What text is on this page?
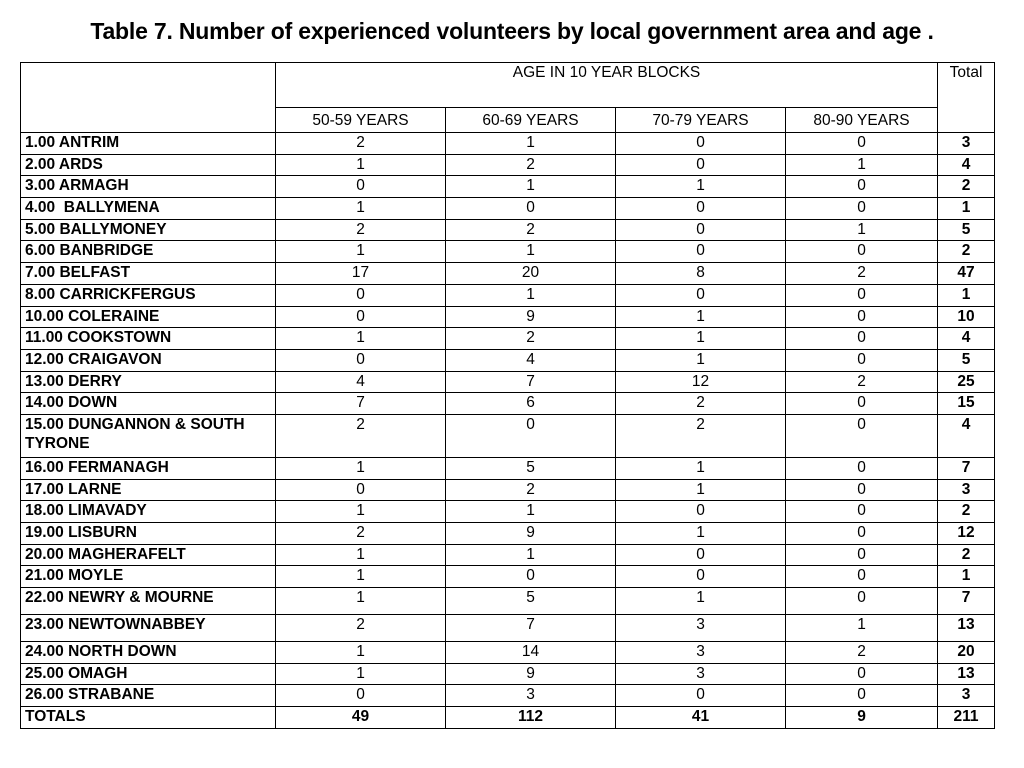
Table 7. Number of experienced volunteers by local government area and age .
	AGE IN 10 YEAR BLOCKS				Total
	50-59 YEARS	60-69 YEARS	70-79 YEARS	80-90 YEARS	
1.00 ANTRIM	2	1	0	0	3
2.00 ARDS	1	2	0	1	4
3.00 ARMAGH	0	1	1	0	2
4.00  BALLYMENA	1	0	0	0	1
5.00 BALLYMONEY	2	2	0	1	5
6.00 BANBRIDGE	1	1	0	0	2
7.00 BELFAST	17	20	8	2	47
8.00 CARRICKFERGUS	0	1	0	0	1
10.00 COLERAINE	0	9	1	0	10
11.00 COOKSTOWN	1	2	1	0	4
12.00 CRAIGAVON	0	4	1	0	5
13.00 DERRY	4	7	12	2	25
14.00 DOWN	7	6	2	0	15
15.00 DUNGANNON & SOUTH TYRONE	2	0	2	0	4
16.00 FERMANAGH	1	5	1	0	7
17.00 LARNE	0	2	1	0	3
18.00 LIMAVADY	1	1	0	0	2
19.00 LISBURN	2	9	1	0	12
20.00 MAGHERAFELT	1	1	0	0	2
21.00 MOYLE	1	0	0	0	1
22.00 NEWRY & MOURNE	1	5	1	0	7
23.00 NEWTOWNABBEY	2	7	3	1	13
24.00 NORTH DOWN	1	14	3	2	20
25.00 OMAGH	1	9	3	0	13
26.00 STRABANE	0	3	0	0	3
TOTALS	49	112	41	9	211
